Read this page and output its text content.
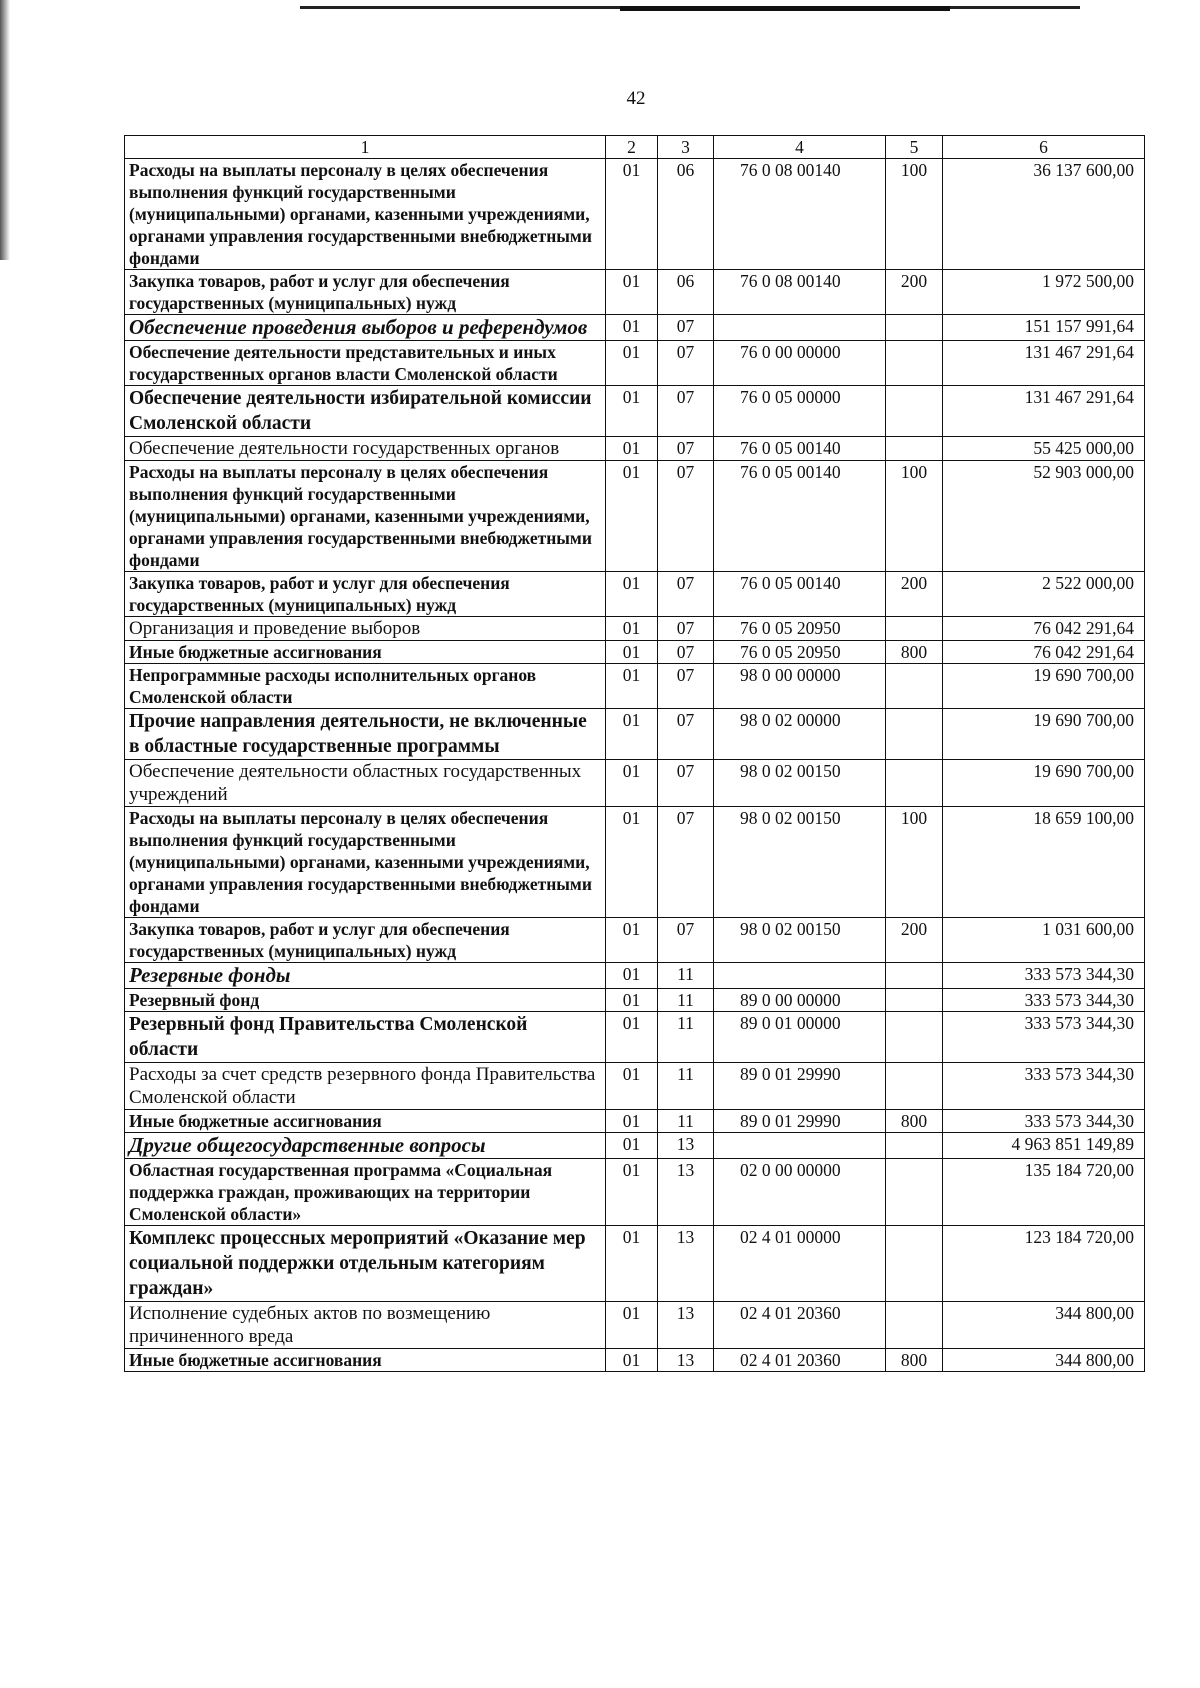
42
1	2	3	4	5	6
Расходы на выплаты персоналу в целях обеспечения выполнения функций государственными (муниципальными) органами, казенными учреждениями, органами управления государственными внебюджетными фондами	01	06	76 0 08 00140	100	36 137 600,00
Закупка товаров, работ и услуг для обеспечения государственных (муниципальных) нужд	01	06	76 0 08 00140	200	1 972 500,00
Обеспечение проведения выборов и референдумов	01	07			151 157 991,64
Обеспечение деятельности представительных и иных государственных органов власти Смоленской области	01	07	76 0 00 00000		131 467 291,64
Обеспечение деятельности избирательной комиссии Смоленской области	01	07	76 0 05 00000		131 467 291,64
Обеспечение деятельности государственных органов	01	07	76 0 05 00140		55 425 000,00
Расходы на выплаты персоналу в целях обеспечения выполнения функций государственными (муниципальными) органами, казенными учреждениями, органами управления государственными внебюджетными фондами	01	07	76 0 05 00140	100	52 903 000,00
Закупка товаров, работ и услуг для обеспечения государственных (муниципальных) нужд	01	07	76 0 05 00140	200	2 522 000,00
Организация и проведение выборов	01	07	76 0 05 20950		76 042 291,64
Иные бюджетные ассигнования	01	07	76 0 05 20950	800	76 042 291,64
Непрограммные расходы исполнительных органов Смоленской области	01	07	98 0 00 00000		19 690 700,00
Прочие направления деятельности, не включенные в областные государственные программы	01	07	98 0 02 00000		19 690 700,00
Обеспечение деятельности областных государственных учреждений	01	07	98 0 02 00150		19 690 700,00
Расходы на выплаты персоналу в целях обеспечения выполнения функций государственными (муниципальными) органами, казенными учреждениями, органами управления государственными внебюджетными фондами	01	07	98 0 02 00150	100	18 659 100,00
Закупка товаров, работ и услуг для обеспечения государственных (муниципальных) нужд	01	07	98 0 02 00150	200	1 031 600,00
Резервные фонды	01	11			333 573 344,30
Резервный фонд	01	11	89 0 00 00000		333 573 344,30
Резервный фонд Правительства Смоленской области	01	11	89 0 01 00000		333 573 344,30
Расходы за счет средств резервного фонда Правительства Смоленской области	01	11	89 0 01 29990		333 573 344,30
Иные бюджетные ассигнования	01	11	89 0 01 29990	800	333 573 344,30
Другие общегосударственные вопросы	01	13			4 963 851 149,89
Областная государственная программа «Социальная поддержка граждан, проживающих на территории Смоленской области»	01	13	02 0 00 00000		135 184 720,00
Комплекс процессных мероприятий «Оказание мер социальной поддержки отдельным категориям граждан»	01	13	02 4 01 00000		123 184 720,00
Исполнение судебных актов по возмещению причиненного вреда	01	13	02 4 01 20360		344 800,00
Иные бюджетные ассигнования	01	13	02 4 01 20360	800	344 800,00
